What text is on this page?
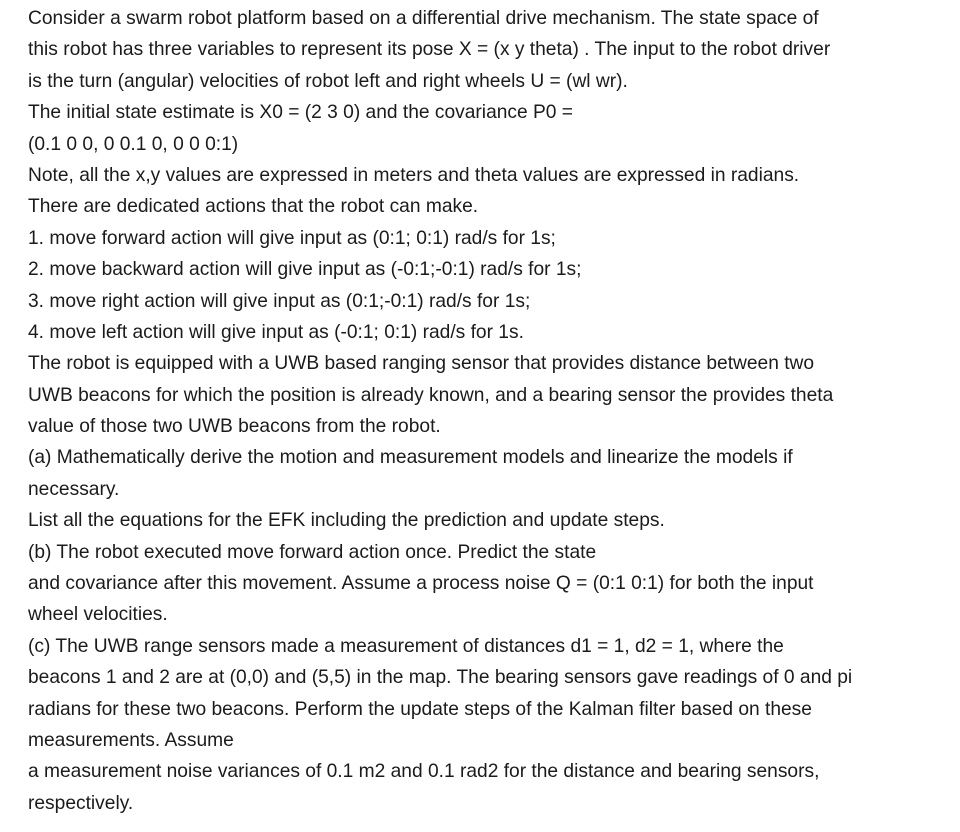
Consider a swarm robot platform based on a differential drive mechanism. The state space of
this robot has three variables to represent its pose X = (x y theta) . The input to the robot driver
is the turn (angular) velocities of robot left and right wheels U = (wl wr).
The initial state estimate is X0 = (2 3 0) and the covariance P0 =
(0.1 0 0, 0 0.1 0, 0 0 0:1)
Note, all the x,y values are expressed in meters and theta values are expressed in radians.
There are dedicated actions that the robot can make.
1. move forward action will give input as (0:1; 0:1) rad/s for 1s;
2. move backward action will give input as (-0:1;-0:1) rad/s for 1s;
3. move right action will give input as (0:1;-0:1) rad/s for 1s;
4. move left action will give input as (-0:1; 0:1) rad/s for 1s.
The robot is equipped with a UWB based ranging sensor that provides distance between two
UWB beacons for which the position is already known, and a bearing sensor the provides theta
value of those two UWB beacons from the robot.
(a) Mathematically derive the motion and measurement models and linearize the models if
necessary.
List all the equations for the EFK including the prediction and update steps.
(b) The robot executed move forward action once. Predict the state
and covariance after this movement. Assume a process noise Q = (0:1 0:1) for both the input
wheel velocities.
(c) The UWB range sensors made a measurement of distances d1 = 1, d2 = 1, where the
beacons 1 and 2 are at (0,0) and (5,5) in the map. The bearing sensors gave readings of 0 and pi
radians for these two beacons. Perform the update steps of the Kalman filter based on these
measurements. Assume
a measurement noise variances of 0.1 m2 and 0.1 rad2 for the distance and bearing sensors,
respectively.
